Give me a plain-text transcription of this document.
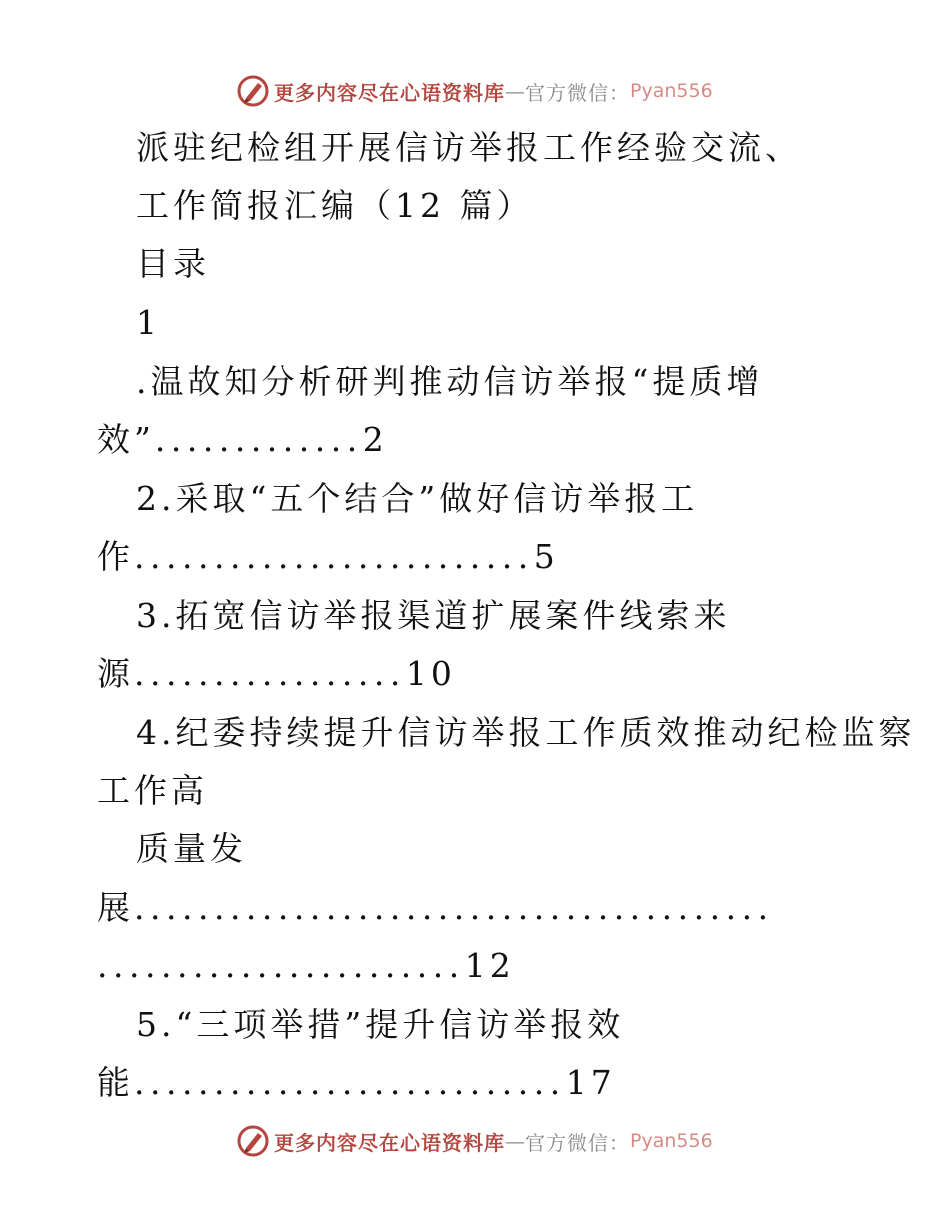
更多内容尽在心语资料库 — 官方微信： Pyan556
派驻纪检组开展信访举报工作经验交流、
工作简报汇编（12 篇）
目录
1
.温故知分析研判推动信访举报“提质增
效”.............2
2.采取“五个结合”做好信访举报工
作.........................5
3.拓宽信访举报渠道扩展案件线索来
源.................10
4.纪委持续提升信访举报工作质效推动纪检监察
工作高
质量发
展........................................
.......................12
5.“三项举措”提升信访举报效
能...........................17
更多内容尽在心语资料库 — 官方微信： Pyan556
